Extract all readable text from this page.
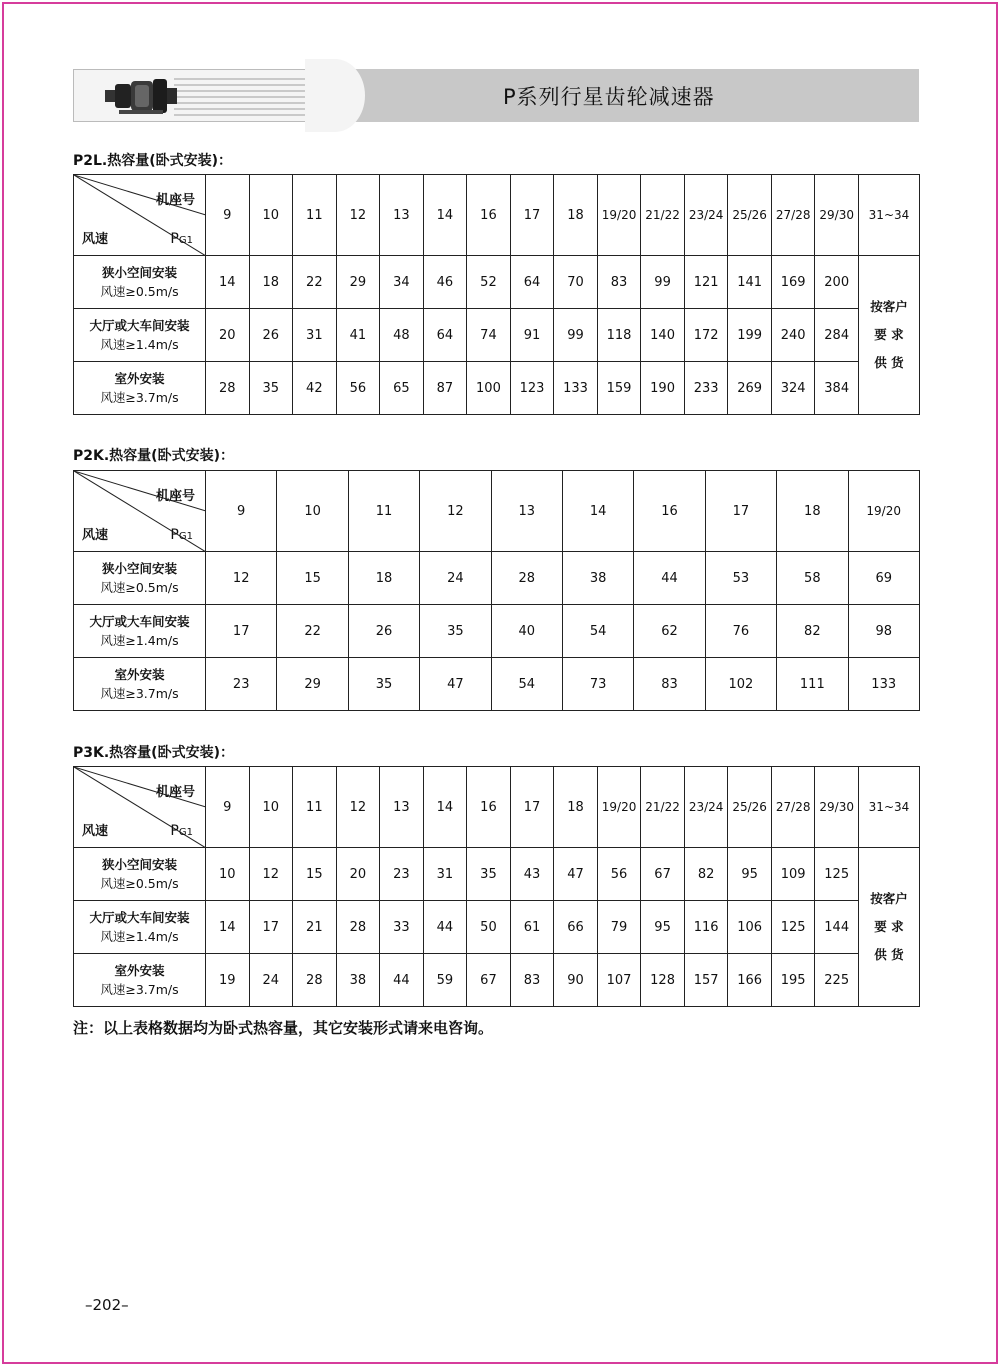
P系列行星齿轮减速器
P2L.热容量(卧式安装)：
机座号
风速 PG1	9	10	11	12	13	14	16	17	18	19/20	21/22	23/24	25/26	27/28	29/30	31~34
狭小空间安装
风速≥0.5m/s	14	18	22	29	34	46	52	64	70	83	99	121	141	169	200	按客户
要 求
供 货
大厅或大车间安装
风速≥1.4m/s	20	26	31	41	48	64	74	91	99	118	140	172	199	240	284	
室外安装
风速≥3.7m/s	28	35	42	56	65	87	100	123	133	159	190	233	269	324	384	
P2K.热容量(卧式安装)：
机座号
风速 PG1	9	10	11	12	13	14	16	17	18	19/20
狭小空间安装
风速≥0.5m/s	12	15	18	24	28	38	44	53	58	69
大厅或大车间安装
风速≥1.4m/s	17	22	26	35	40	54	62	76	82	98
室外安装
风速≥3.7m/s	23	29	35	47	54	73	83	102	111	133
P3K.热容量(卧式安装)：
机座号
风速 PG1	9	10	11	12	13	14	16	17	18	19/20	21/22	23/24	25/26	27/28	29/30	31~34
狭小空间安装
风速≥0.5m/s	10	12	15	20	23	31	35	43	47	56	67	82	95	109	125	按客户
要 求
供 货
大厅或大车间安装
风速≥1.4m/s	14	17	21	28	33	44	50	61	66	79	95	116	106	125	144	
室外安装
风速≥3.7m/s	19	24	28	38	44	59	67	83	90	107	128	157	166	195	225	
注：以上表格数据均为卧式热容量，其它安装形式请来电咨询。
–202–
